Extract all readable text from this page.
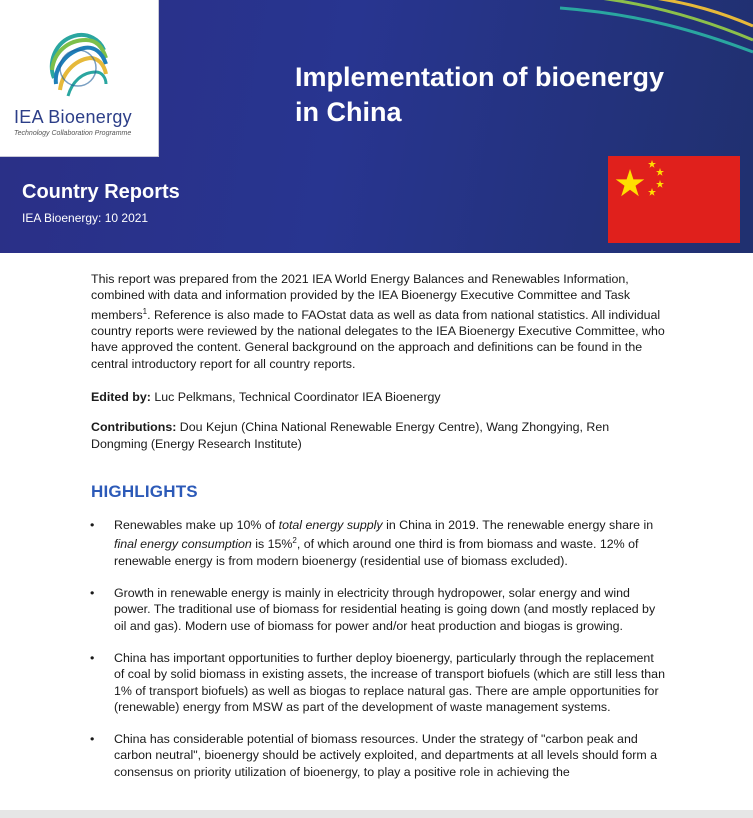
IEA Bioenergy
Technology Collaboration Programme
Implementation of bioenergy
in China
Country Reports
IEA Bioenergy: 10 2021

This report was prepared from the 2021 IEA World Energy Balances and Renewables Information, combined with data and information provided by the IEA Bioenergy Executive Committee and Task members$^1$. Reference is also made to FAOstat data as well as data from national statistics. All individual country reports were reviewed by the national delegates to the IEA Bioenergy Executive Committee, who have approved the content. General background on the approach and definitions can be found in the central introductory report for all country reports.

Edited by: Luc Pelkmans, Technical Coordinator IEA Bioenergy

Contributions: Dou Kejun (China National Renewable Energy Centre), Wang Zhongying, Ren Dongming (Energy Research Institute)

HIGHLIGHTS
• Renewables make up 10% of total energy supply in China in 2019. The renewable energy share in final energy consumption is 15%$^2$, of which around one third is from biomass and waste. 12% of renewable energy is from modern bioenergy (residential use of biomass excluded).
• Growth in renewable energy is mainly in electricity through hydropower, solar energy and wind power. The traditional use of biomass for residential heating is going down (and mostly replaced by oil and gas). Modern use of biomass for power and/or heat production and biogas is growing.
• China has important opportunities to further deploy bioenergy, particularly through the replacement of coal by solid biomass in existing assets, the increase of transport biofuels (which are still less than 1% of transport biofuels) as well as biogas to replace natural gas. There are ample opportunities for (renewable) energy from MSW as part of the development of waste management systems.
• China has considerable potential of biomass resources. Under the strategy of "carbon peak and carbon neutral", bioenergy should be actively exploited, and departments at all levels should form a consensus on priority utilization of bioenergy, to play a positive role in achieving the
